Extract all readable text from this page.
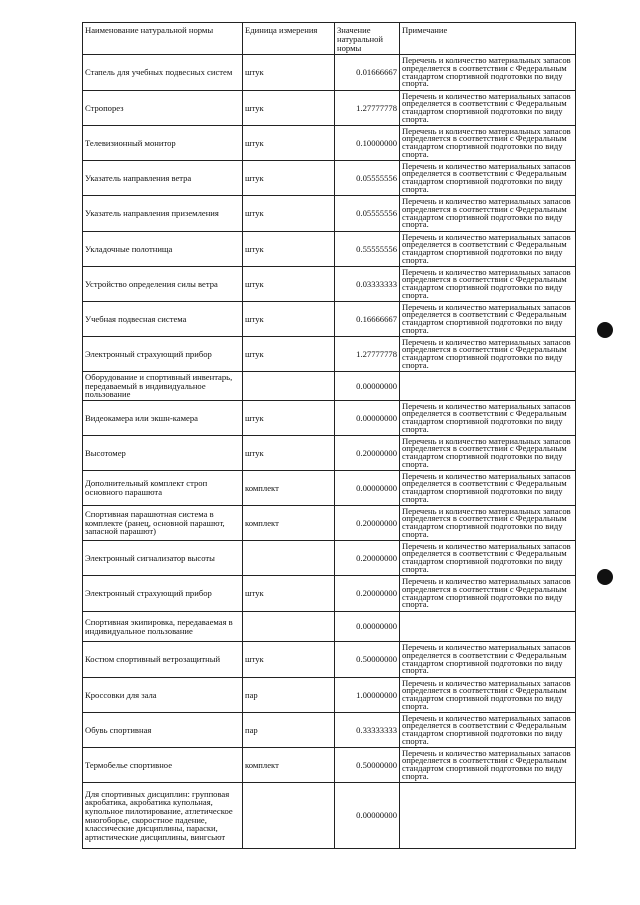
Наименование натуральной нормы	Единица измерения	Значение натуральной нормы	Примечание
Стапель для учебных подвесных систем	штук	0.01666667	Перечень и количество материальных запасов определяется в соответствии с Федеральным стандартом спортивной подготовки по виду спорта.
Стропорез	штук	1.27777778	Перечень и количество материальных запасов определяется в соответствии с Федеральным стандартом спортивной подготовки по виду спорта.
Телевизионный монитор	штук	0.10000000	Перечень и количество материальных запасов определяется в соответствии с Федеральным стандартом спортивной подготовки по виду спорта.
Указатель направления ветра	штук	0.05555556	Перечень и количество материальных запасов определяется в соответствии с Федеральным стандартом спортивной подготовки по виду спорта.
Указатель направления приземления	штук	0.05555556	Перечень и количество материальных запасов определяется в соответствии с Федеральным стандартом спортивной подготовки по виду спорта.
Укладочные полотнища	штук	0.55555556	Перечень и количество материальных запасов определяется в соответствии с Федеральным стандартом спортивной подготовки по виду спорта.
Устройство определения силы ветра	штук	0.03333333	Перечень и количество материальных запасов определяется в соответствии с Федеральным стандартом спортивной подготовки по виду спорта.
Учебная подвесная система	штук	0.16666667	Перечень и количество материальных запасов определяется в соответствии с Федеральным стандартом спортивной подготовки по виду спорта.
Электронный страхующий прибор	штук	1.27777778	Перечень и количество материальных запасов определяется в соответствии с Федеральным стандартом спортивной подготовки по виду спорта.
Оборудование и спортивный инвентарь, передаваемый в индивидуальное пользование		0.00000000	
Видеокамера или экшн-камера	штук	0.00000000	Перечень и количество материальных запасов определяется в соответствии с Федеральным стандартом спортивной подготовки по виду спорта.
Высотомер	штук	0.20000000	Перечень и количество материальных запасов определяется в соответствии с Федеральным стандартом спортивной подготовки по виду спорта.
Дополнительный комплект строп основного парашюта	комплект	0.00000000	Перечень и количество материальных запасов определяется в соответствии с Федеральным стандартом спортивной подготовки по виду спорта.
Спортивная парашютная система в комплекте (ранец, основной парашют, запасной парашют)	комплект	0.20000000	Перечень и количество материальных запасов определяется в соответствии с Федеральным стандартом спортивной подготовки по виду спорта.
Электронный сигнализатор высоты		0.20000000	Перечень и количество материальных запасов определяется в соответствии с Федеральным стандартом спортивной подготовки по виду спорта.
Электронный страхующий прибор	штук	0.20000000	Перечень и количество материальных запасов определяется в соответствии с Федеральным стандартом спортивной подготовки по виду спорта.
Спортивная экипировка, передаваемая в индивидуальное пользование		0.00000000	
Костюм спортивный ветрозащитный	штук	0.50000000	Перечень и количество материальных запасов определяется в соответствии с Федеральным стандартом спортивной подготовки по виду спорта.
Кроссовки для зала	пар	1.00000000	Перечень и количество материальных запасов определяется в соответствии с Федеральным стандартом спортивной подготовки по виду спорта.
Обувь спортивная	пар	0.33333333	Перечень и количество материальных запасов определяется в соответствии с Федеральным стандартом спортивной подготовки по виду спорта.
Термобелье спортивное	комплект	0.50000000	Перечень и количество материальных запасов определяется в соответствии с Федеральным стандартом спортивной подготовки по виду спорта.
Для спортивных дисциплин: групповая акробатика, акробатика купольная, купольное пилотирование, атлетическое многоборье, скоростное падение, классические дисциплины, параски, артистические дисциплины, вингсьют		0.00000000	
